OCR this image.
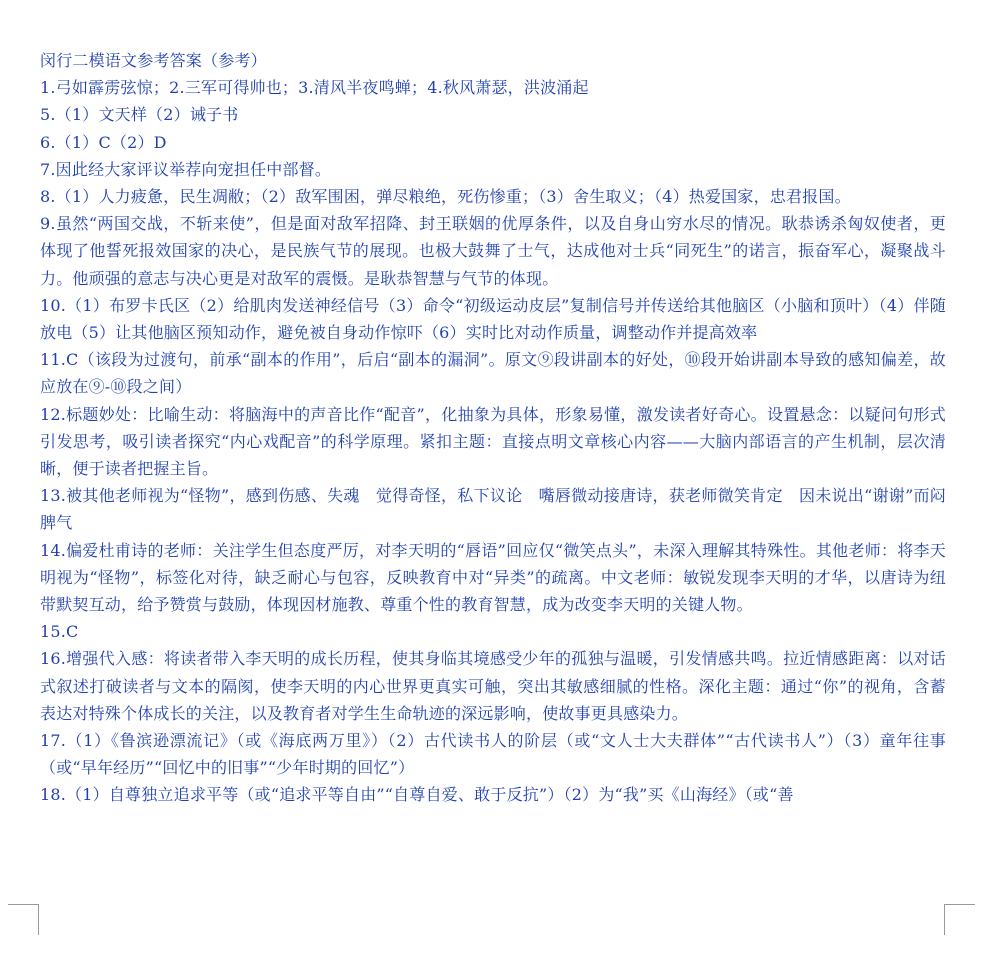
闵行二模语文参考答案（参考）

1.弓如霹雳弦惊；2.三军可得帅也；3.清风半夜鸣蝉；4.秋风萧瑟，洪波涌起

5.（1）文天样（2）诫子书

6.（1）C（2）D

7.因此经大家评议举荐向宠担任中部督。

8.（1）人力疲惫，民生凋敝；（2）敌军围困，弹尽粮绝，死伤惨重；（3）舍生取义；（4）热爱国家，忠君报国。

9.虽然“两国交战，不斩来使”，但是面对敌军招降、封王联姻的优厚条件，以及自身山穷水尽的情况。耿恭诱杀匈奴使者，更体现了他誓死报效国家的决心，是民族气节的展现。也极大鼓舞了士气，达成他对士兵“同死生”的诺言，振奋军心，凝聚战斗力。他顽强的意志与决心更是对敌军的震慑。是耿恭智慧与气节的体现。

10.（1）布罗卡氏区（2）给肌肉发送神经信号（3）命令“初级运动皮层”复制信号并传送给其他脑区（小脑和顶叶）（4）伴随放电（5）让其他脑区预知动作，避免被自身动作惊吓（6）实时比对动作质量，调整动作并提高效率

11.C（该段为过渡句，前承“副本的作用”，后启“副本的漏洞”。原文⑨段讲副本的好处，⑩段开始讲副本导致的感知偏差，故应放在⑨-⑩段之间）

12.标题妙处：比喻生动：将脑海中的声音比作“配音”，化抽象为具体，形象易懂，激发读者好奇心。设置悬念：以疑问句形式引发思考，吸引读者探究“内心戏配音”的科学原理。紧扣主题：直接点明文章核心内容——大脑内部语言的产生机制，层次清晰，便于读者把握主旨。

13.被其他老师视为“怪物”，感到伤感、失魂　觉得奇怪，私下议论　嘴唇微动接唐诗，获老师微笑肯定　因未说出“谢谢”而闷脾气

14.偏爱杜甫诗的老师：关注学生但态度严厉，对李天明的“唇语”回应仅“微笑点头”，未深入理解其特殊性。其他老师：将李天明视为“怪物”，标签化对待，缺乏耐心与包容，反映教育中对“异类”的疏离。中文老师：敏锐发现李天明的才华，以唐诗为纽带默契互动，给予赞赏与鼓励，体现因材施教、尊重个性的教育智慧，成为改变李天明的关键人物。

15.C

16.增强代入感：将读者带入李天明的成长历程，使其身临其境感受少年的孤独与温暖，引发情感共鸣。拉近情感距离：以对话式叙述打破读者与文本的隔阂，使李天明的内心世界更真实可触，突出其敏感细腻的性格。深化主题：通过“你”的视角，含蓄表达对特殊个体成长的关注，以及教育者对学生生命轨迹的深远影响，使故事更具感染力。

17.（1）《鲁滨逊漂流记》（或《海底两万里》）（2）古代读书人的阶层（或“文人士大夫群体”“古代读书人”）（3）童年往事（或“早年经历”“回忆中的旧事”“少年时期的回忆”）

18.（1）自尊独立追求平等（或“追求平等自由”“自尊自爱、敢于反抗”）（2）为“我”买《山海经》（或“善
